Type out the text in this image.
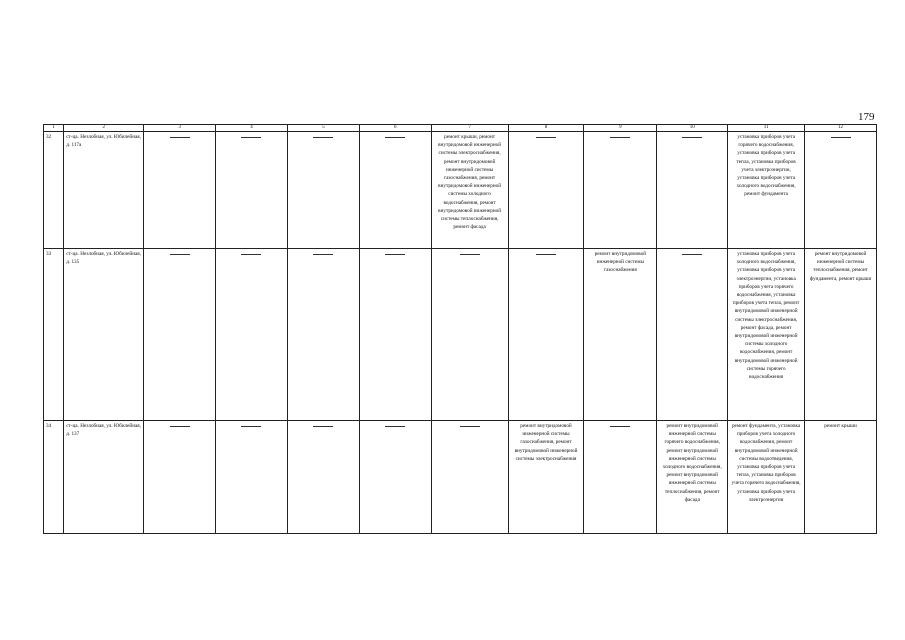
179
1	2	3	4	5	6	7	8	9	10	11	12
32	ст-ца. Незлобная, ул. Юбилейная, д. 117а					ремонт крыши, ремонт внутридомовой инженерной системы электроснабжения, ремонт внутридомовой инженерной системы газоснабжения, ремонт внутридомовой инженерной системы холодного водоснабжения, ремонт внутридомовой инженерной системы теплоснабжения, ремонт фасада				установка приборов учета горячего водоснабжения, установка приборов учета тепла, установка приборов учета электроэнергии, установка приборов учета холодного водоснабжения, ремонт фундамента	

33	ст-ца. Незлобная, ул. Юбилейная, д. 135							ремонт внутридомовой инженерной системы газоснабжения		установка приборов учета холодного водоснабжения, установка приборов учета электроэнергии, установка приборов учета горячего водоснабжения, установка приборов учета тепла, ремонт внутридомовой инженерной системы электроснабжения, ремонт фасада, ремонт внутридомовой инженерной системы холодного водоснабжения, ремонт внутридомовой инженерной системы горячего водоснабжения	ремонт внутридомовой инженерной системы теплоснабжения, ремонт фундамента, ремонт крыши
34	ст-ца. Незлобная, ул. Юбилейная, д. 137						ремонт внутридомовой инженерной системы газоснабжения, ремонт внутридомовой инженерной системы электроснабжения		ремонт внутридомовой инженерной системы горячего водоснабжения, ремонт внутридомовой инженерной системы холодного водоснабжения, ремонт внутридомовой инженерной системы теплоснабжения, ремонт фасада	ремонт фундамента, установка приборов учета холодного водоснабжения, ремонт внутридомовой инженерной системы водоотведения, установка приборов учета тепла, установка приборов учета горячего водоснабжения, установка приборов учета электроэнергии	ремонт крыши
